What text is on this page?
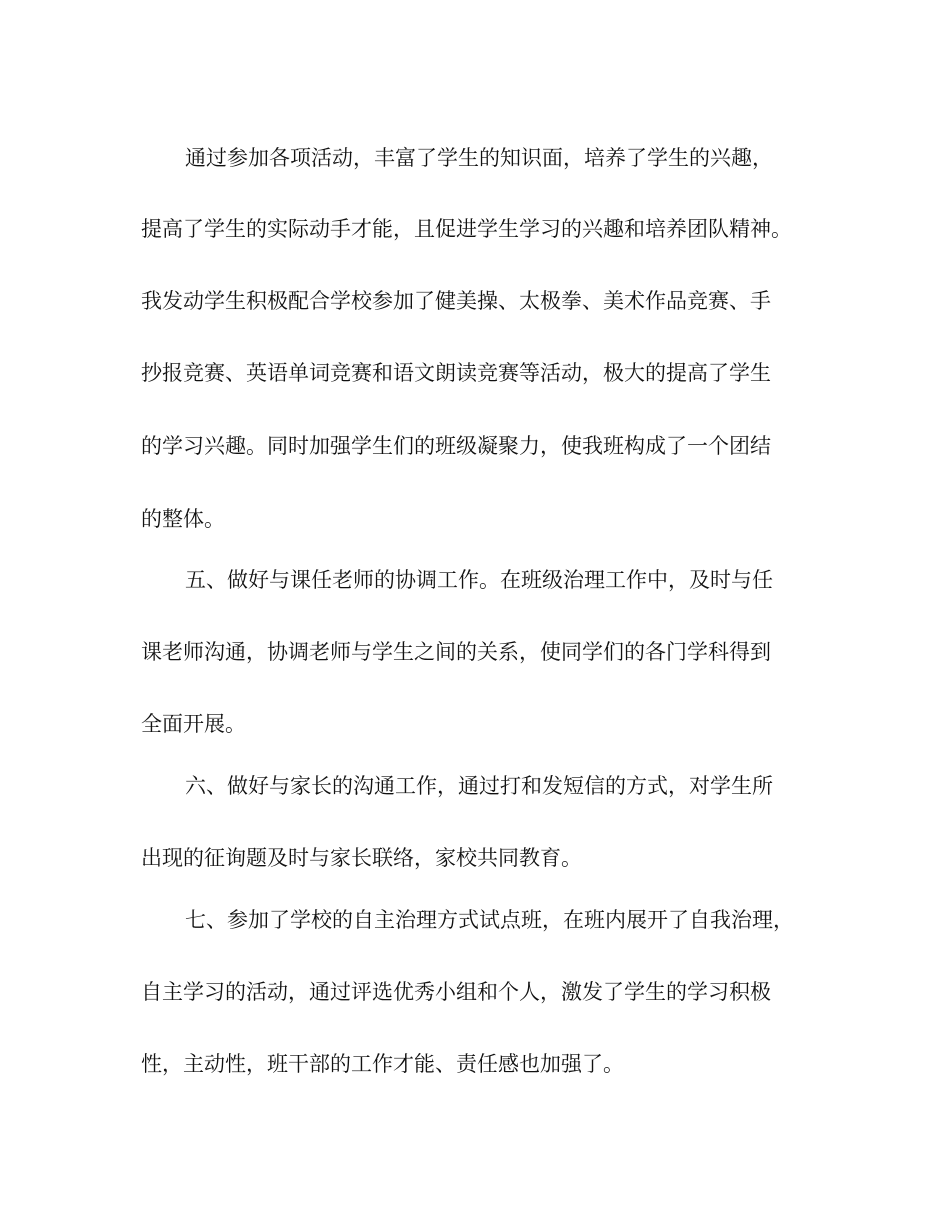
通过参加各项活动，丰富了学生的知识面，培养了学生的兴趣，

提高了学生的实际动手才能，且促进学生学习的兴趣和培养团队精神。

我发动学生积极配合学校参加了健美操、太极拳、美术作品竞赛、手

抄报竞赛、英语单词竞赛和语文朗读竞赛等活动，极大的提高了学生

的学习兴趣。同时加强学生们的班级凝聚力，使我班构成了一个团结

的整体。

五、做好与课任老师的协调工作。在班级治理工作中，及时与任

课老师沟通，协调老师与学生之间的关系，使同学们的各门学科得到

全面开展。

六、做好与家长的沟通工作，通过打和发短信的方式，对学生所

出现的征询题及时与家长联络，家校共同教育。

七、参加了学校的自主治理方式试点班，在班内展开了自我治理，

自主学习的活动，通过评选优秀小组和个人，激发了学生的学习积极

性，主动性，班干部的工作才能、责任感也加强了。
